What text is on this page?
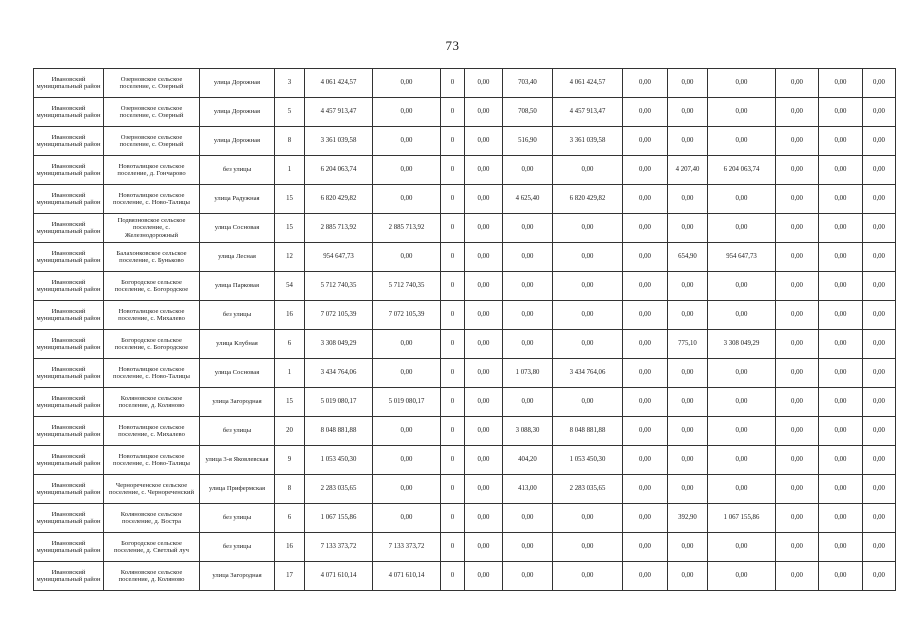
73
Ивановский муниципальный район	Озерновское сельское поселение, с. Озерный	улица Дорожная	3	4 061 424,57	0,00	0	0,00	703,40	4 061 424,57	0,00	0,00	0,00	0,00	0,00	0,00
Ивановский муниципальный район	Озерновское сельское поселение, с. Озерный	улица Дорожная	5	4 457 913,47	0,00	0	0,00	708,50	4 457 913,47	0,00	0,00	0,00	0,00	0,00	0,00
Ивановский муниципальный район	Озерновское сельское поселение, с. Озерный	улица Дорожная	8	3 361 039,58	0,00	0	0,00	516,90	3 361 039,58	0,00	0,00	0,00	0,00	0,00	0,00
Ивановский муниципальный район	Новоталицкое сельское поселение, д. Гончарово	без улицы	1	6 204 063,74	0,00	0	0,00	0,00	0,00	0,00	4 207,40	6 204 063,74	0,00	0,00	0,00
Ивановский муниципальный район	Новоталицкое сельское поселение, с. Ново-Талицы	улица Радужная	15	6 820 429,82	0,00	0	0,00	4 625,40	6 820 429,82	0,00	0,00	0,00	0,00	0,00	0,00
Ивановский муниципальный район	Подвязновское сельское поселение, с. Железнодорожный	улица Сосновая	15	2 885 713,92	2 885 713,92	0	0,00	0,00	0,00	0,00	0,00	0,00	0,00	0,00	0,00
Ивановский муниципальный район	Балахонковское сельское поселение, с. Буньково	улица Лесная	12	954 647,73	0,00	0	0,00	0,00	0,00	0,00	654,90	954 647,73	0,00	0,00	0,00
Ивановский муниципальный район	Богородское сельское поселение, с. Богородское	улица Парковая	54	5 712 740,35	5 712 740,35	0	0,00	0,00	0,00	0,00	0,00	0,00	0,00	0,00	0,00
Ивановский муниципальный район	Новоталицкое сельское поселение, с. Михалево	без улицы	16	7 072 105,39	7 072 105,39	0	0,00	0,00	0,00	0,00	0,00	0,00	0,00	0,00	0,00
Ивановский муниципальный район	Богородское сельское поселение, с. Богородское	улица Клубная	6	3 308 049,29	0,00	0	0,00	0,00	0,00	0,00	775,10	3 308 049,29	0,00	0,00	0,00
Ивановский муниципальный район	Новоталицкое сельское поселение, с. Ново-Талицы	улица Сосновая	1	3 434 764,06	0,00	0	0,00	1 073,80	3 434 764,06	0,00	0,00	0,00	0,00	0,00	0,00
Ивановский муниципальный район	Коляновское сельское поселение, д. Коляново	улица Загородная	15	5 019 080,17	5 019 080,17	0	0,00	0,00	0,00	0,00	0,00	0,00	0,00	0,00	0,00
Ивановский муниципальный район	Новоталицкое сельское поселение, с. Михалево	без улицы	20	8 048 881,88	0,00	0	0,00	3 088,30	8 048 881,88	0,00	0,00	0,00	0,00	0,00	0,00
Ивановский муниципальный район	Новоталицкое сельское поселение, с. Ново-Талицы	улица 3-я Яковлевская	9	1 053 450,30	0,00	0	0,00	404,20	1 053 450,30	0,00	0,00	0,00	0,00	0,00	0,00
Ивановский муниципальный район	Чернореченское сельское поселение, с. Чернореченский	улица Прифермская	8	2 283 035,65	0,00	0	0,00	413,00	2 283 035,65	0,00	0,00	0,00	0,00	0,00	0,00
Ивановский муниципальный район	Коляновское сельское поселение, д. Востра	без улицы	6	1 067 155,86	0,00	0	0,00	0,00	0,00	0,00	392,90	1 067 155,86	0,00	0,00	0,00
Ивановский муниципальный район	Богородское сельское поселение, д. Светлый луч	без улицы	16	7 133 373,72	7 133 373,72	0	0,00	0,00	0,00	0,00	0,00	0,00	0,00	0,00	0,00
Ивановский муниципальный район	Коляновское сельское поселение, д. Коляново	улица Загородная	17	4 071 610,14	4 071 610,14	0	0,00	0,00	0,00	0,00	0,00	0,00	0,00	0,00	0,00
